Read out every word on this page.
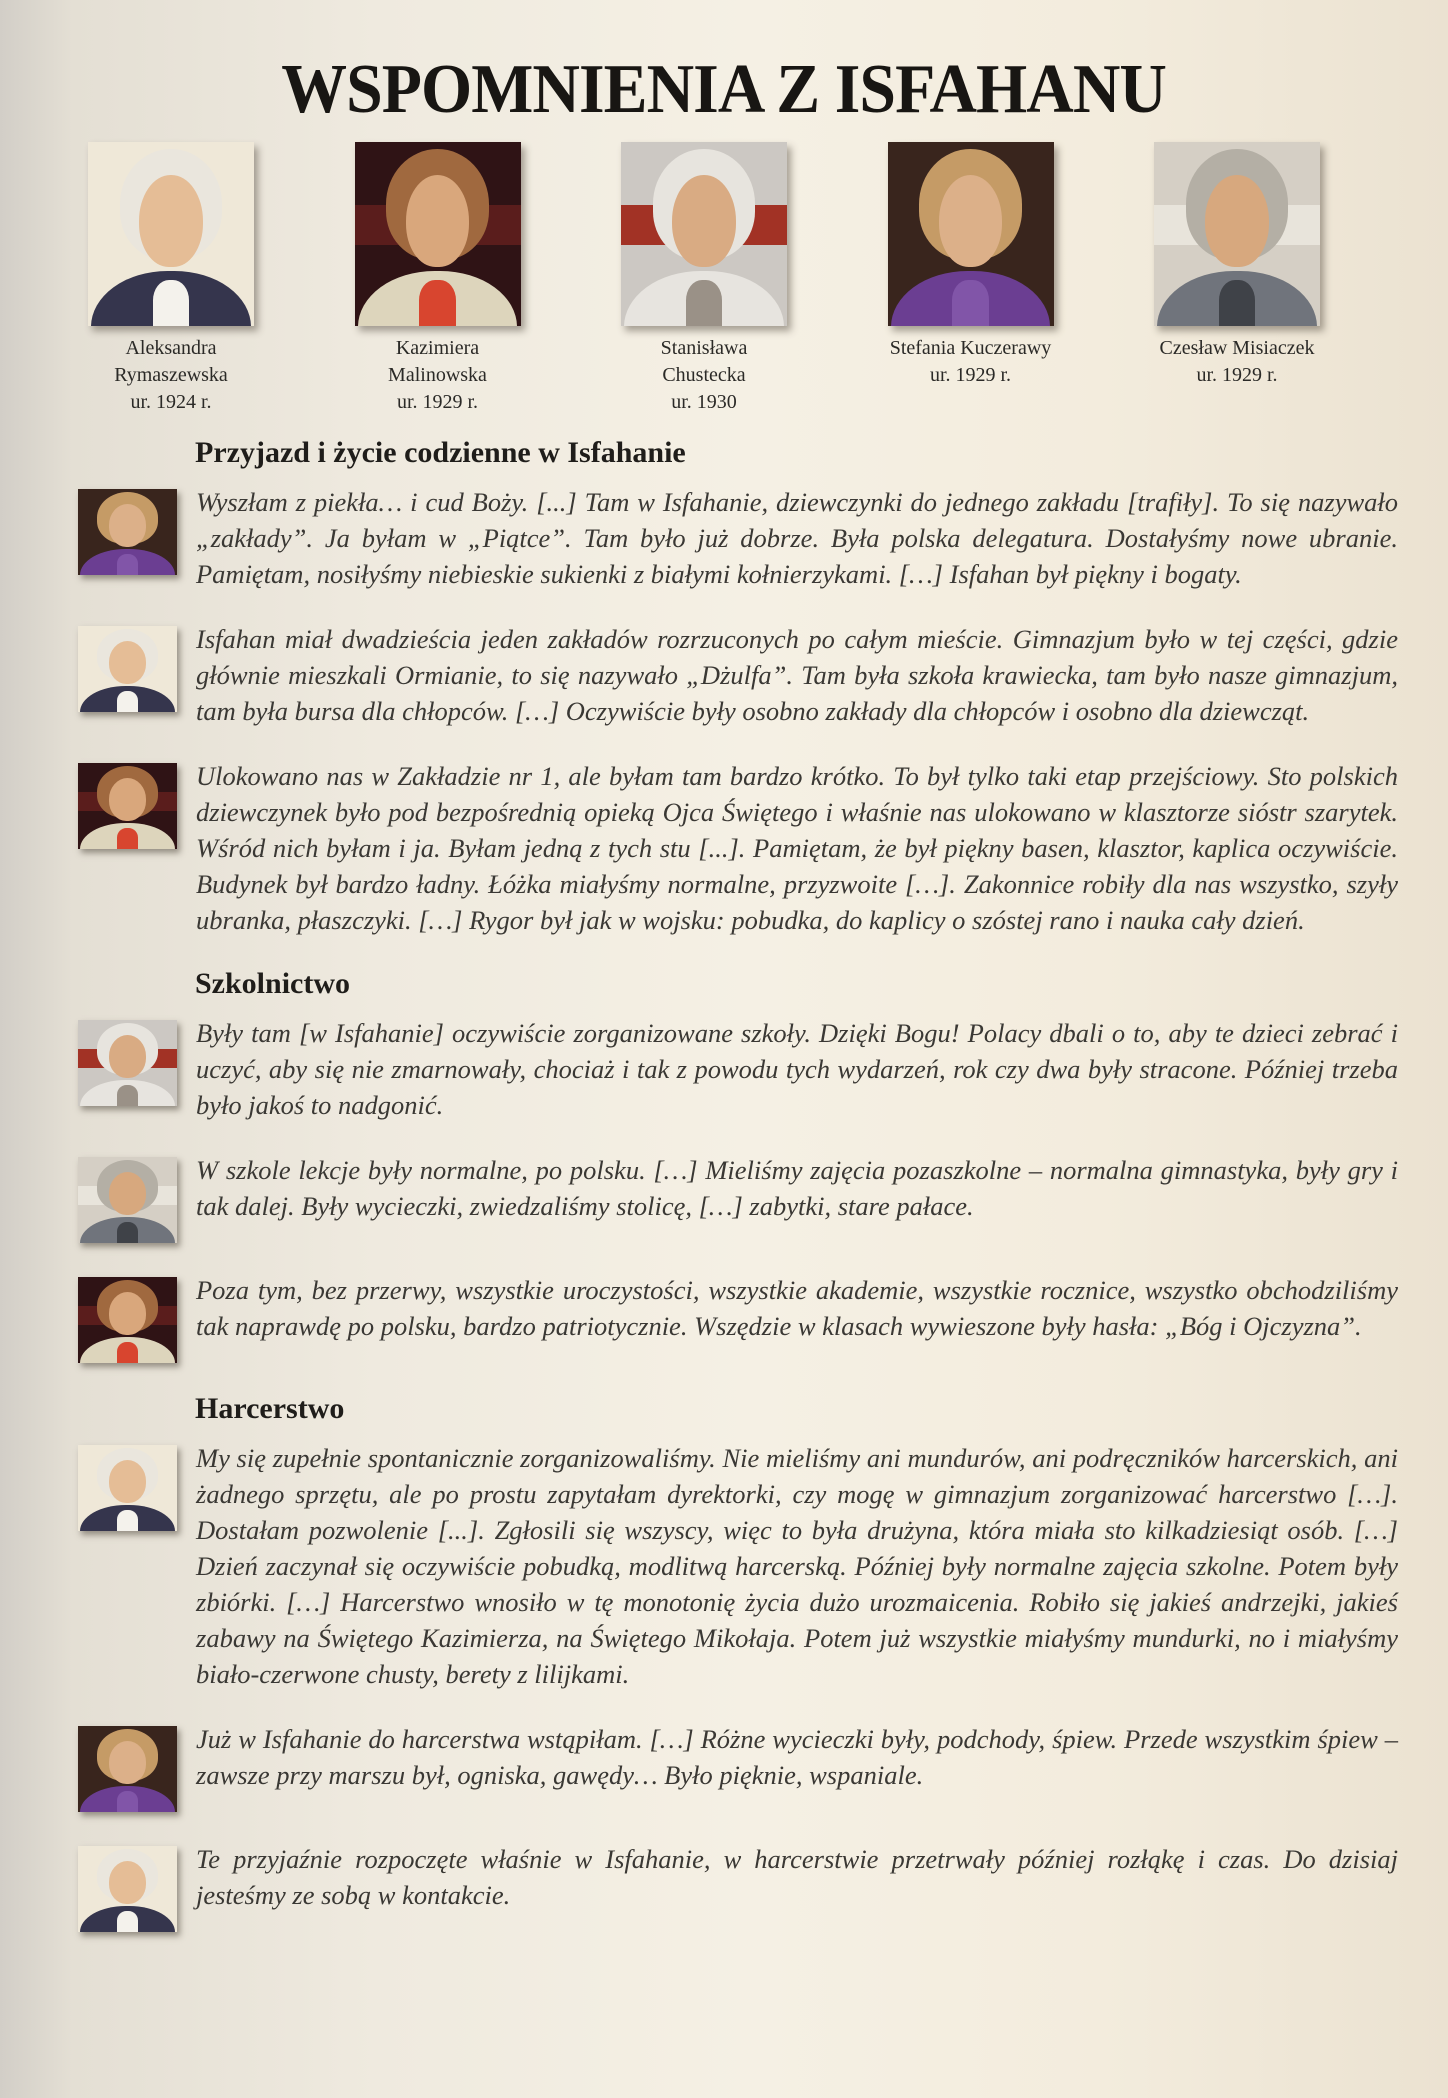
WSPOMNIENIA Z ISFAHANU
Aleksandra Rymaszewska
ur. 1924 r.
Kazimiera Malinowska
ur. 1929 r.
Stanisława Chustecka
ur. 1930
Stefania Kuczerawy
ur. 1929 r.
Czesław Misiaczek
ur. 1929 r.
Przyjazd i życie codzienne w Isfahanie

Wyszłam z piekła… i cud Boży. [...] Tam w Isfahanie, dziewczynki do jednego zakładu [trafiły]. To się nazywało „zakłady”. Ja byłam w „Piątce”. Tam było już dobrze. Była polska delegatura. Dostałyśmy nowe ubranie. Pamiętam, nosiłyśmy niebieskie sukienki z białymi kołnierzykami. […] Isfahan był piękny i bogaty.

Isfahan miał dwadzieścia jeden zakładów rozrzuconych po całym mieście. Gimnazjum było w tej części, gdzie głównie mieszkali Ormianie, to się nazywało „Dżulfa”. Tam była szkoła krawiecka, tam było nasze gimnazjum, tam była bursa dla chłopców. […] Oczywiście były osobno zakłady dla chłopców i osobno dla dziewcząt.

Ulokowano nas w Zakładzie nr 1, ale byłam tam bardzo krótko. To był tylko taki etap przejściowy. Sto polskich dziewczynek było pod bezpośrednią opieką Ojca Świętego i właśnie nas ulokowano w klasztorze sióstr szarytek. Wśród nich byłam i ja. Byłam jedną z tych stu [...]. Pamiętam, że był piękny basen, klasztor, kaplica oczywiście. Budynek był bardzo ładny. Łóżka miałyśmy normalne, przyzwoite […]. Zakonnice robiły dla nas wszystko, szyły ubranka, płaszczyki. […] Rygor był jak w wojsku: pobudka, do kaplicy o szóstej rano i nauka cały dzień.

Szkolnictwo

Były tam [w Isfahanie] oczywiście zorganizowane szkoły. Dzięki Bogu! Polacy dbali o to, aby te dzieci zebrać i uczyć, aby się nie zmarnowały, chociaż i tak z powodu tych wydarzeń, rok czy dwa były stracone. Później trzeba było jakoś to nadgonić.

W szkole lekcje były normalne, po polsku. […] Mieliśmy zajęcia pozaszkolne – normalna gimnastyka, były gry i tak dalej. Były wycieczki, zwiedzaliśmy stolicę, […] zabytki, stare pałace.

Poza tym, bez przerwy, wszystkie uroczystości, wszystkie akademie, wszystkie rocznice, wszystko obchodziliśmy tak naprawdę po polsku, bardzo patriotycznie. Wszędzie w klasach wywieszone były hasła: „Bóg i Ojczyzna”.

Harcerstwo

My się zupełnie spontanicznie zorganizowaliśmy. Nie mieliśmy ani mundurów, ani podręczników harcerskich, ani żadnego sprzętu, ale po prostu zapytałam dyrektorki, czy mogę w gimnazjum zorganizować harcerstwo […]. Dostałam pozwolenie [...]. Zgłosili się wszyscy, więc to była drużyna, która miała sto kilkadziesiąt osób. […] Dzień zaczynał się oczywiście pobudką, modlitwą harcerską. Później były normalne zajęcia szkolne. Potem były zbiórki. […] Harcerstwo wnosiło w tę monotonię życia dużo urozmaicenia. Robiło się jakieś andrzejki, jakieś zabawy na Świętego Kazimierza, na Świętego Mikołaja. Potem już wszystkie miałyśmy mundurki, no i miałyśmy biało-czerwone chusty, berety z lilijkami.

Już w Isfahanie do harcerstwa wstąpiłam. […] Różne wycieczki były, podchody, śpiew. Przede wszystkim śpiew – zawsze przy marszu był, ogniska, gawędy… Było pięknie, wspaniale.

Te przyjaźnie rozpoczęte właśnie w Isfahanie, w harcerstwie przetrwały później rozłąkę i czas. Do dzisiaj jesteśmy ze sobą w kontakcie.
